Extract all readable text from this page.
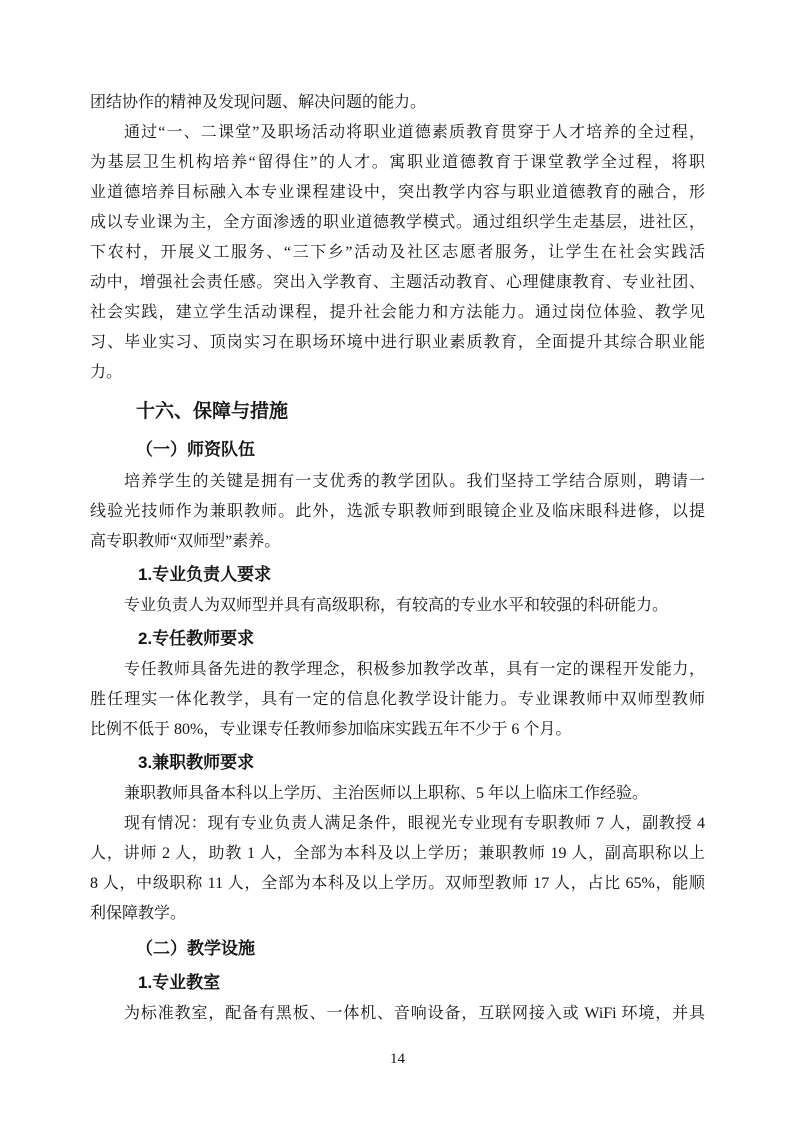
团结协作的精神及发现问题、解决问题的能力。
通过“一、二课堂”及职场活动将职业道德素质教育贯穿于人才培养的全过程，
为基层卫生机构培养“留得住”的人才。寓职业道德教育于课堂教学全过程，将职
业道德培养目标融入本专业课程建设中，突出教学内容与职业道德教育的融合，形
成以专业课为主，全方面渗透的职业道德教学模式。通过组织学生走基层，进社区，
下农村，开展义工服务、“三下乡”活动及社区志愿者服务，让学生在社会实践活
动中，增强社会责任感。突出入学教育、主题活动教育、心理健康教育、专业社团、
社会实践，建立学生活动课程，提升社会能力和方法能力。通过岗位体验、教学见
习、毕业实习、顶岗实习在职场环境中进行职业素质教育，全面提升其综合职业能
力。
十六、保障与措施
（一）师资队伍
培养学生的关键是拥有一支优秀的教学团队。我们坚持工学结合原则，聘请一
线验光技师作为兼职教师。此外，选派专职教师到眼镜企业及临床眼科进修，以提
高专职教师“双师型”素养。
1.专业负责人要求
专业负责人为双师型并具有高级职称，有较高的专业水平和较强的科研能力。
2.专任教师要求
专任教师具备先进的教学理念，积极参加教学改革，具有一定的课程开发能力，
胜任理实一体化教学，具有一定的信息化教学设计能力。专业课教师中双师型教师
比例不低于 80%，专业课专任教师参加临床实践五年不少于 6 个月。
3.兼职教师要求
兼职教师具备本科以上学历、主治医师以上职称、5 年以上临床工作经验。
现有情况：现有专业负责人满足条件，眼视光专业现有专职教师 7 人，副教授 4
人，讲师 2 人，助教 1 人，全部为本科及以上学历；兼职教师 19 人，副高职称以上
8 人，中级职称 11 人，全部为本科及以上学历。双师型教师 17 人，占比 65%，能顺
利保障教学。
（二）教学设施
1.专业教室
为标准教室，配备有黑板、一体机、音响设备，互联网接入或 WiFi 环境，并具
14
